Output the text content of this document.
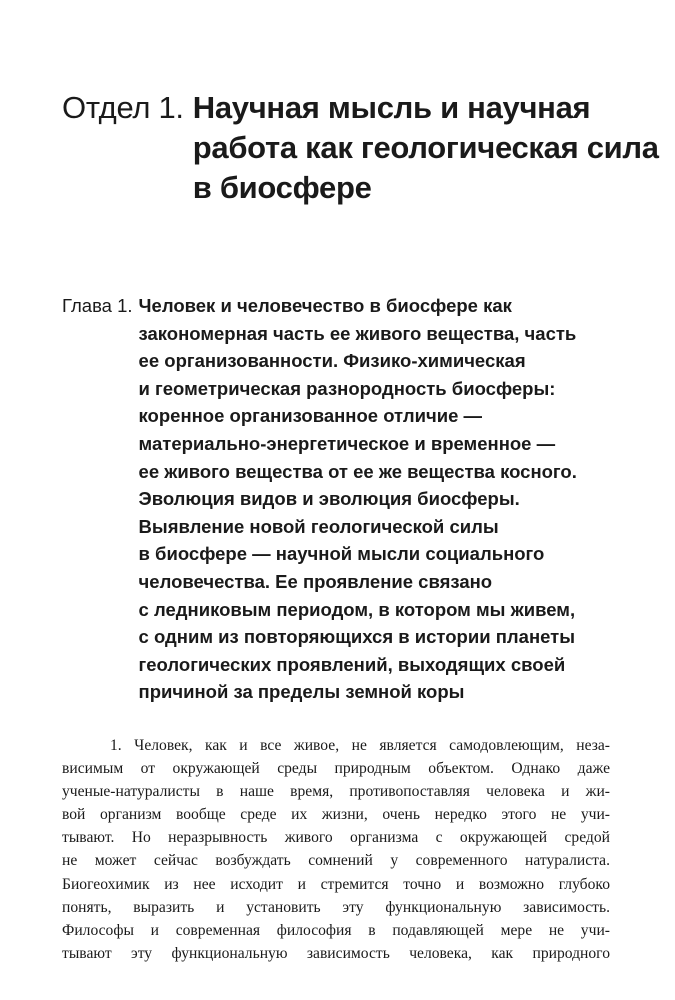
Отдел 1. Научная мысль и научная
работа как геологическая сила
в биосфере
Глава 1. Человек и человечество в биосфере как
закономерная часть ее живого вещества, часть
ее организованности. Физико-химическая
и геометрическая разнородность биосферы:
коренное организованное отличие —
материально-энергетическое и временное —
ее живого вещества от ее же вещества косного.
Эволюция видов и эволюция биосферы.
Выявление новой геологической силы
в биосфере — научной мысли социального
человечества. Ее проявление связано
с ледниковым периодом, в котором мы живем,
с одним из повторяющихся в истории планеты
геологических проявлений, выходящих своей
причиной за пределы земной коры
1. Человек, как и все живое, не является самодовлеющим, неза-
висимым от окружающей среды природным объектом. Однако даже
ученые-натуралисты в наше время, противопоставляя человека и жи-
вой организм вообще среде их жизни, очень нередко этого не учи-
тывают. Но неразрывность живого организма с окружающей средой
не может сейчас возбуждать сомнений у современного натуралиста.
Биогеохимик из нее исходит и стремится точно и возможно глубоко
понять, выразить и установить эту функциональную зависимость.
Философы и современная философия в подавляющей мере не учи-
тывают эту функциональную зависимость человека, как природного
